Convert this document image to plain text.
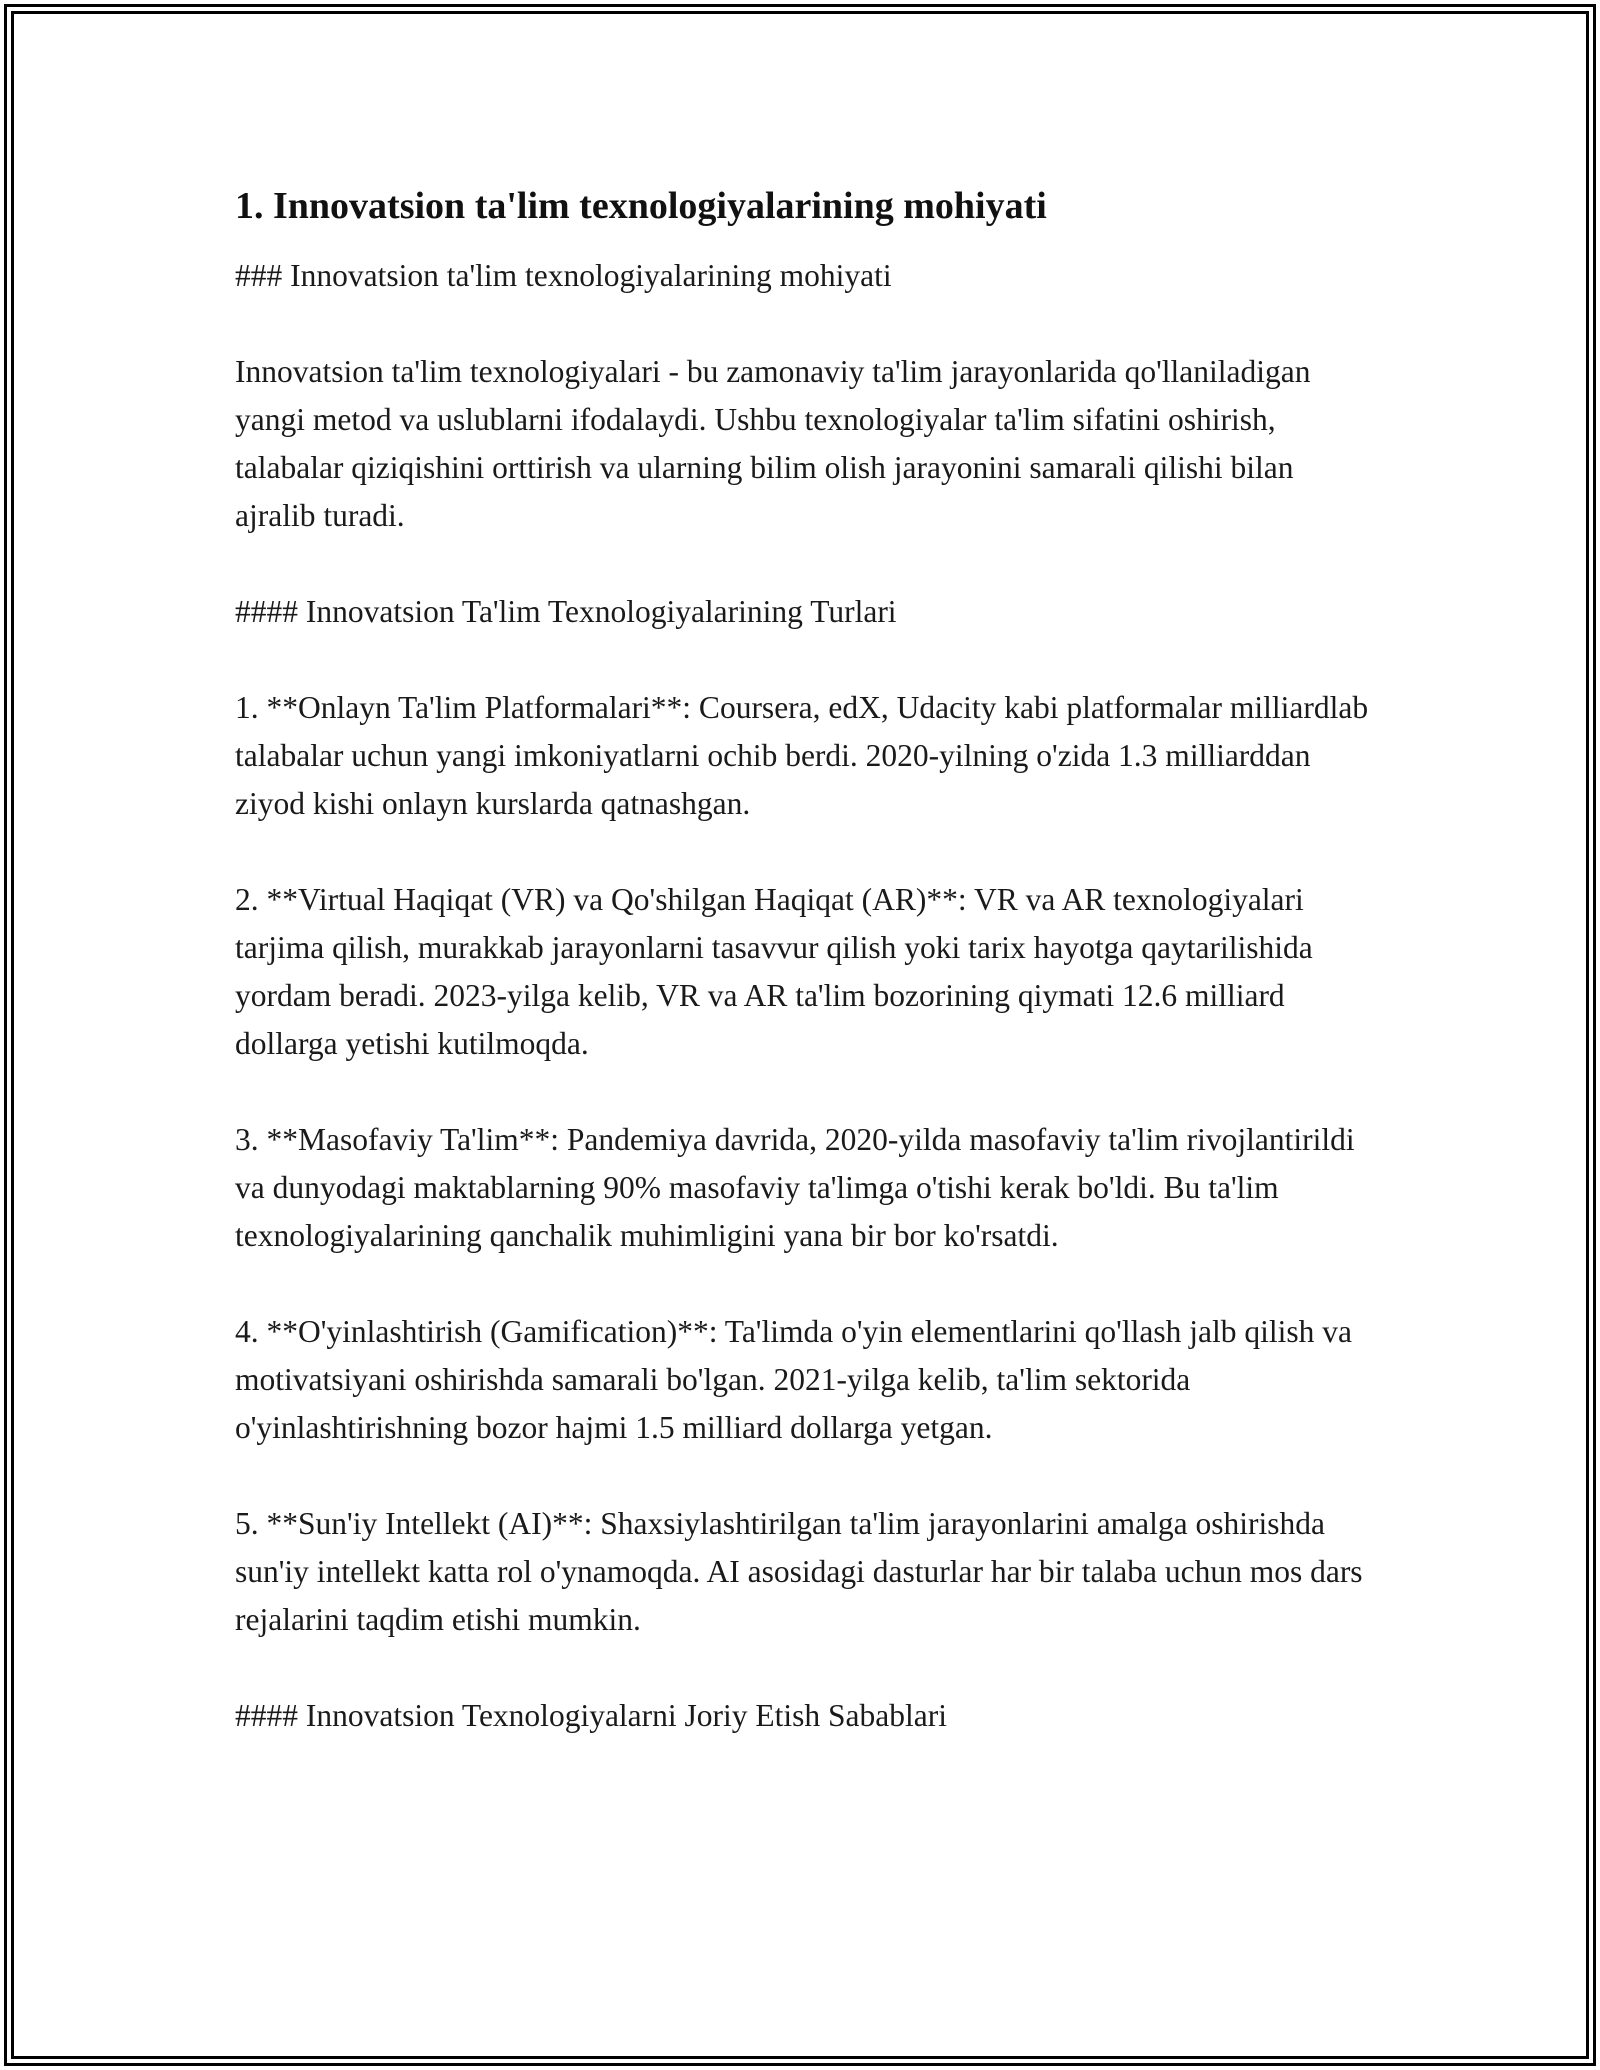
1. Innovatsion ta'lim texnologiyalarining mohiyati

### Innovatsion ta'lim texnologiyalarining mohiyati

Innovatsion ta'lim texnologiyalari - bu zamonaviy ta'lim jarayonlarida qo'llaniladigan yangi metod va uslublarni ifodalaydi. Ushbu texnologiyalar ta'lim sifatini oshirish, talabalar qiziqishini orttirish va ularning bilim olish jarayonini samarali qilishi bilan ajralib turadi.

#### Innovatsion Ta'lim Texnologiyalarining Turlari

1. **Onlayn Ta'lim Platformalari**: Coursera, edX, Udacity kabi platformalar milliardlab talabalar uchun yangi imkoniyatlarni ochib berdi. 2020-yilning o'zida 1.3 milliarddan ziyod kishi onlayn kurslarda qatnashgan.

2. **Virtual Haqiqat (VR) va Qo'shilgan Haqiqat (AR)**: VR va AR texnologiyalari tarjima qilish, murakkab jarayonlarni tasavvur qilish yoki tarix hayotga qaytarilishida yordam beradi. 2023-yilga kelib, VR va AR ta'lim bozorining qiymati 12.6 milliard dollarga yetishi kutilmoqda.

3. **Masofaviy Ta'lim**: Pandemiya davrida, 2020-yilda masofaviy ta'lim rivojlantirildi va dunyodagi maktablarning 90% masofaviy ta'limga o'tishi kerak bo'ldi. Bu ta'lim texnologiyalarining qanchalik muhimligini yana bir bor ko'rsatdi.

4. **O'yinlashtirish (Gamification)**: Ta'limda o'yin elementlarini qo'llash jalb qilish va motivatsiyani oshirishda samarali bo'lgan. 2021-yilga kelib, ta'lim sektorida o'yinlashtirishning bozor hajmi 1.5 milliard dollarga yetgan.

5. **Sun'iy Intellekt (AI)**: Shaxsiylashtirilgan ta'lim jarayonlarini amalga oshirishda sun'iy intellekt katta rol o'ynamoqda. AI asosidagi dasturlar har bir talaba uchun mos dars rejalarini taqdim etishi mumkin.

#### Innovatsion Texnologiyalarni Joriy Etish Sabablari
